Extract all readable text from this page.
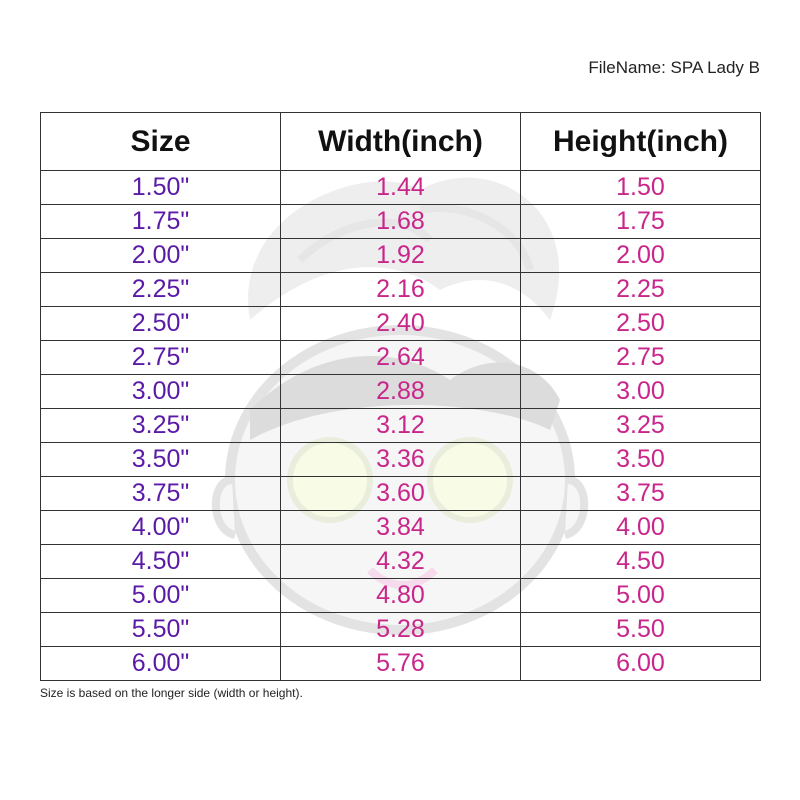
FileName: SPA Lady B
Size	Width(inch)	Height(inch)
1.50"	1.44	1.50
1.75"	1.68	1.75
2.00"	1.92	2.00
2.25"	2.16	2.25
2.50"	2.40	2.50
2.75"	2.64	2.75
3.00"	2.88	3.00
3.25"	3.12	3.25
3.50"	3.36	3.50
3.75"	3.60	3.75
4.00"	3.84	4.00
4.50"	4.32	4.50
5.00"	4.80	5.00
5.50"	5.28	5.50
6.00"	5.76	6.00
Size is based on the longer side (width or height).
